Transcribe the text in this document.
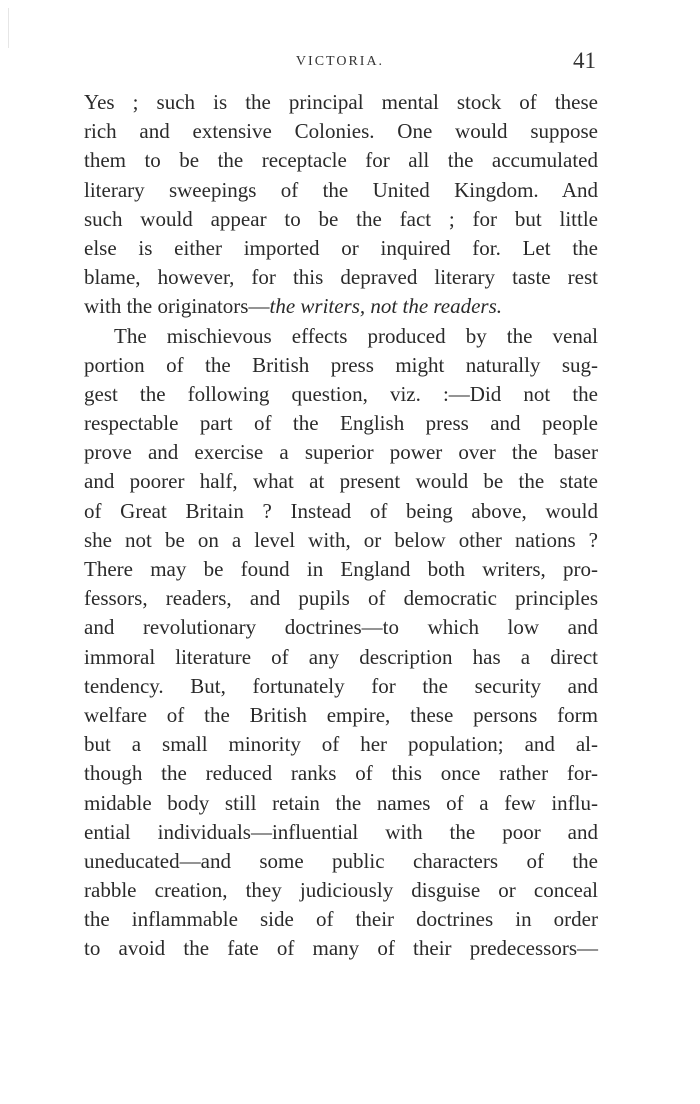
VICTORIA.	41
Yes ; such is the principal mental stock of these
rich and extensive Colonies. One would suppose
them to be the receptacle for all the accumulated
literary sweepings of the United Kingdom. And
such would appear to be the fact ; for but little
else is either imported or inquired for. Let the
blame, however, for this depraved literary taste rest
with the originators—the writers, not the readers.
The mischievous effects produced by the venal
portion of the British press might naturally sug-
gest the following question, viz. :—Did not the
respectable part of the English press and people
prove and exercise a superior power over the baser
and poorer half, what at present would be the state
of Great Britain ? Instead of being above, would
she not be on a level with, or below other nations ?
There may be found in England both writers, pro-
fessors, readers, and pupils of democratic principles
and revolutionary doctrines—to which low and
immoral literature of any description has a direct
tendency. But, fortunately for the security and
welfare of the British empire, these persons form
but a small minority of her population; and al-
though the reduced ranks of this once rather for-
midable body still retain the names of a few influ-
ential individuals—influential with the poor and
uneducated—and some public characters of the
rabble creation, they judiciously disguise or conceal
the inflammable side of their doctrines in order
to avoid the fate of many of their predecessors—
